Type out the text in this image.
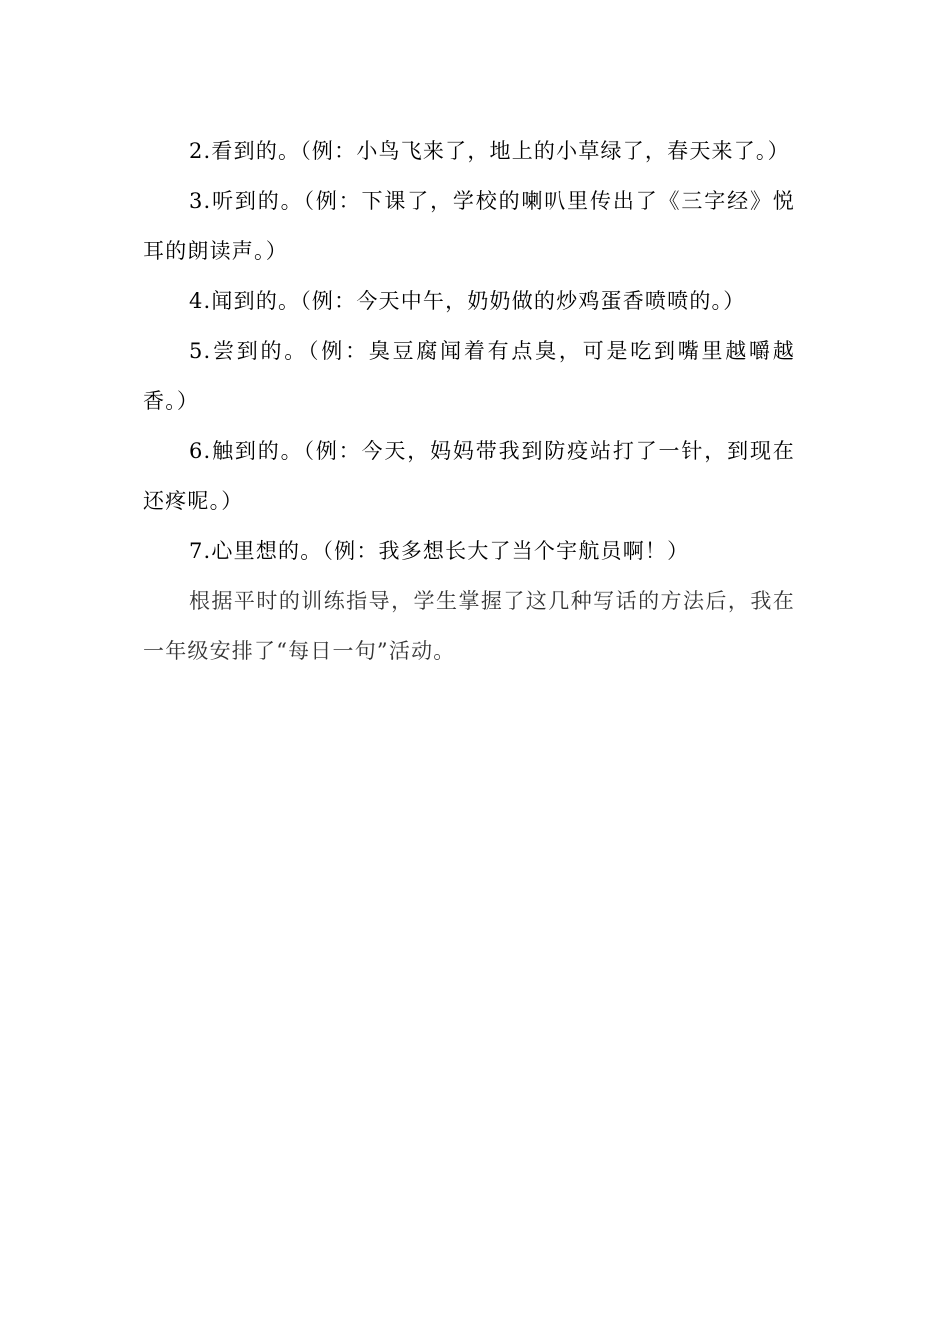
2.看到的。（例：小鸟飞来了，地上的小草绿了，春天来了。）

3.听到的。（例：下课了，学校的喇叭里传出了《三字经》悦耳的朗读声。）

4.闻到的。（例：今天中午，奶奶做的炒鸡蛋香喷喷的。）

5.尝到的。（例：臭豆腐闻着有点臭，可是吃到嘴里越嚼越香。）

6.触到的。（例：今天，妈妈带我到防疫站打了一针，到现在还疼呢。）

7.心里想的。（例：我多想长大了当个宇航员啊！）

根据平时的训练指导，学生掌握了这几种写话的方法后，我在一年级安排了“每日一句”活动。
